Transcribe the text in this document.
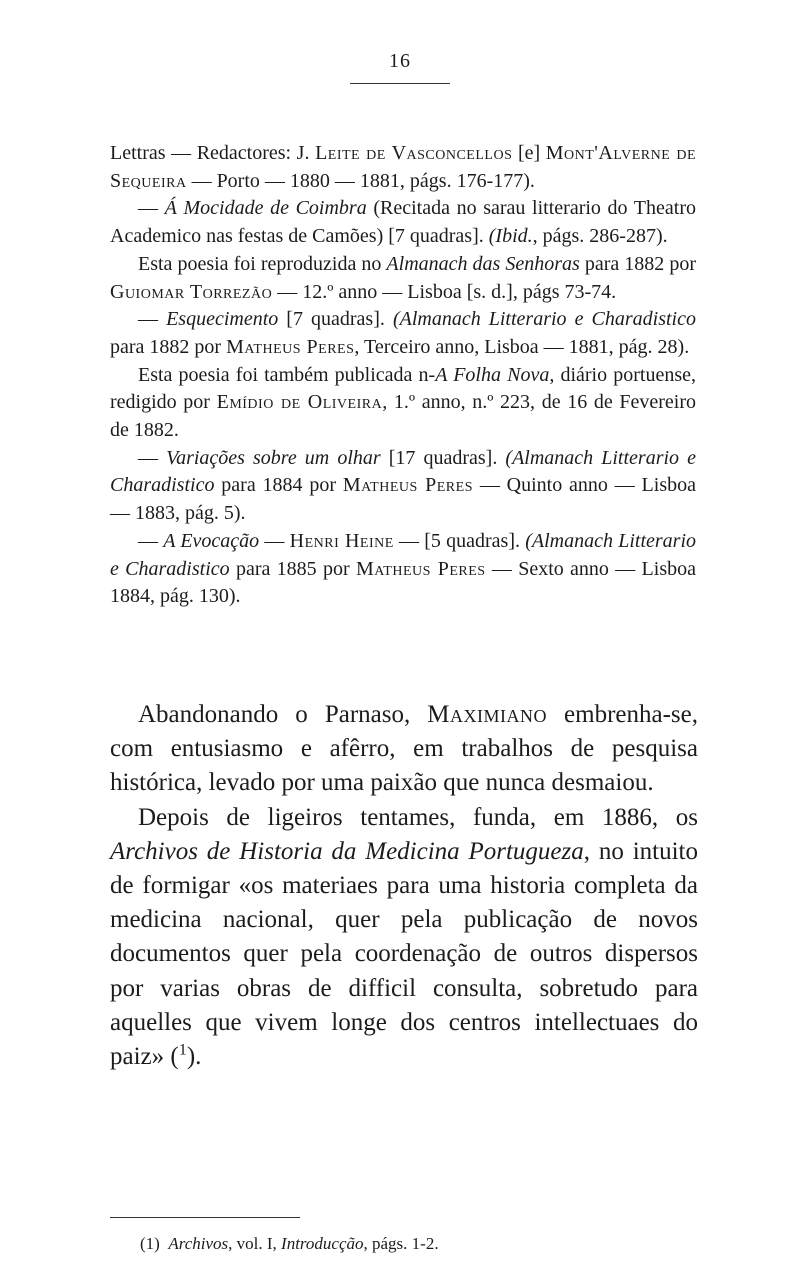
16

Lettras — Redactores: J. Leite de Vasconcellos [e] Mont'Alverne de Sequeira — Porto — 1880 — 1881, págs. 176-177).

— Á Mocidade de Coimbra (Recitada no sarau litterario do Theatro Academico nas festas de Camões) [7 quadras]. (Ibid., págs. 286-287).

Esta poesia foi reproduzida no Almanach das Senhoras para 1882 por Guiomar Torrezão — 12.º anno — Lisboa [s. d.], págs 73-74.

— Esquecimento [7 quadras]. (Almanach Litterario e Charadistico para 1882 por Matheus Peres, Terceiro anno, Lisboa — 1881, pág. 28).

Esta poesia foi também publicada n-A Folha Nova, diário portuense, redigido por Emídio de Oliveira, 1.º anno, n.º 223, de 16 de Fevereiro de 1882.

— Variações sobre um olhar [17 quadras]. (Almanach Litterario e Charadistico para 1884 por Matheus Peres — Quinto anno — Lisboa — 1883, pág. 5).

— A Evocação — Henri Heine — [5 quadras]. (Almanach Litterario e Charadistico para 1885 por Matheus Peres — Sexto anno — Lisboa 1884, pág. 130).

Abandonando o Parnaso, Maximiano embrenha-se, com entusiasmo e afêrro, em trabalhos de pesquisa histórica, levado por uma paixão que nunca desmaiou.

Depois de ligeiros tentames, funda, em 1886, os Archivos de Historia da Medicina Portugueza, no intuito de formigar «os materiaes para uma historia completa da medicina nacional, quer pela publicação de novos documentos quer pela coordenação de outros dispersos por varias obras de difficil consulta, sobretudo para aquelles que vivem longe dos centros intellectuaes do paiz» ($^1$).

(1) Archivos, vol. I, Introducção, págs. 1-2.
